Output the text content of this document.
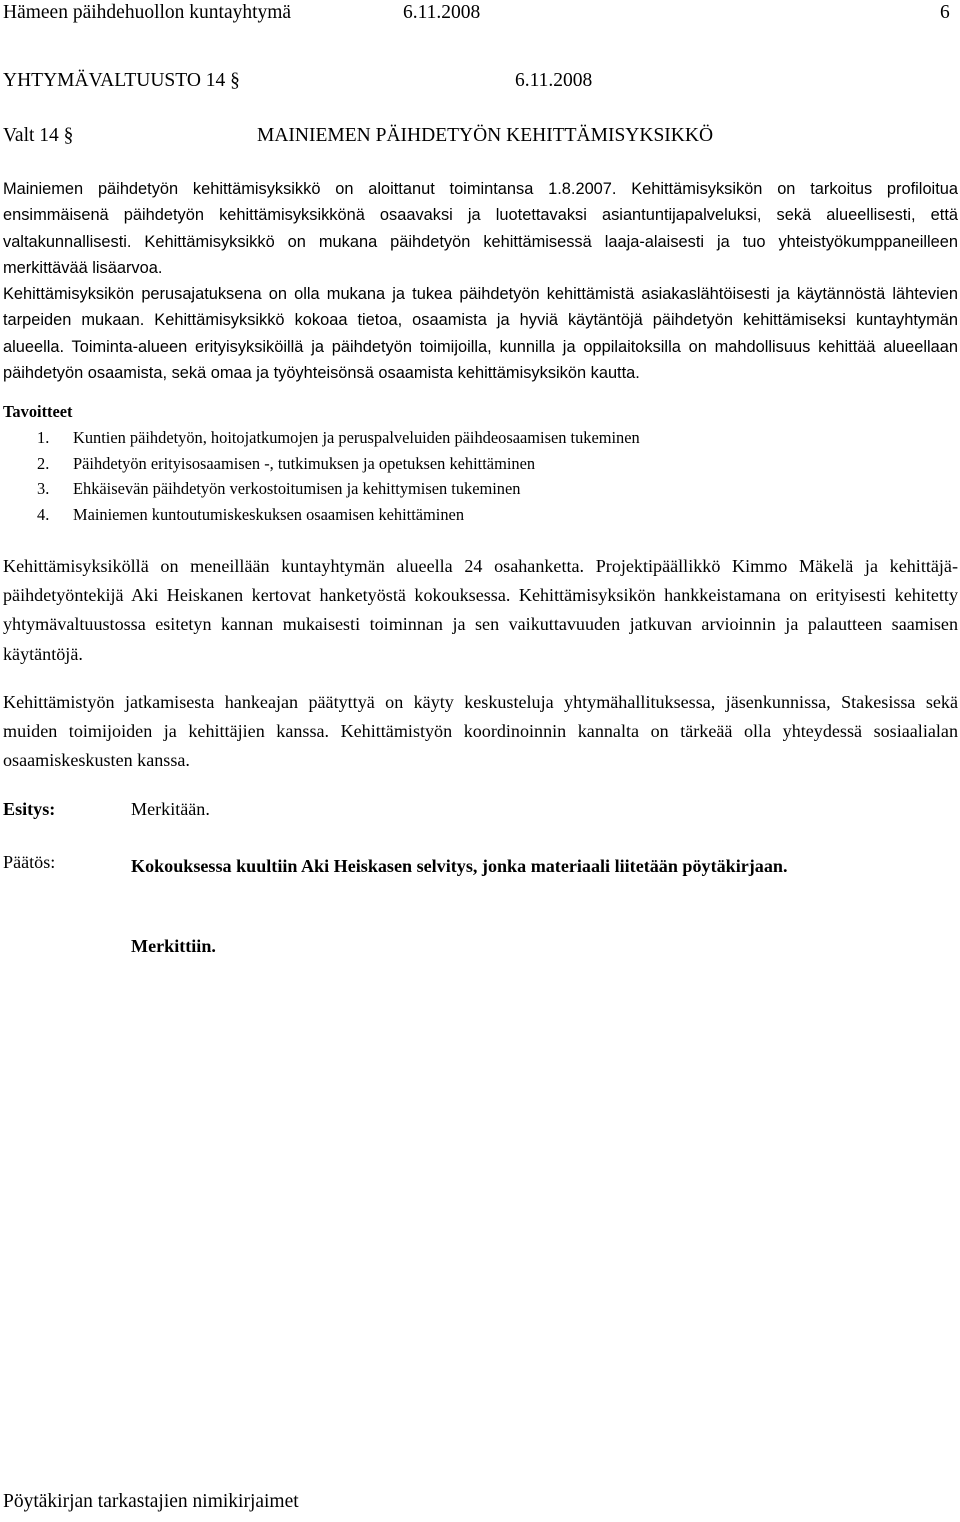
Hämeen päihdehuollon kuntayhtymä	6.11.2008	6
YHTYMÄVALTUUSTO 14 §	6.11.2008
Valt 14 §	MAINIEMEN PÄIHDETYÖN KEHITTÄMISYKSIKKÖ

Mainiemen päihdetyön kehittämisyksikkö on aloittanut toimintansa 1.8.2007. Kehittämisyksikön on tarkoitus profiloitua ensimmäisenä päihdetyön kehittämisyksikkönä osaavaksi ja luotettavaksi asiantuntijapalveluksi, sekä alueellisesti, että valtakunnallisesti. Kehittämisyksikkö on mukana päihdetyön kehittämisessä laaja-alaisesti ja tuo yhteistyökumppaneilleen merkittävää lisäarvoa.

Kehittämisyksikön perusajatuksena on olla mukana ja tukea päihdetyön kehittämistä asiakaslähtöisesti ja käytännöstä lähtevien tarpeiden mukaan. Kehittämisyksikkö kokoaa tietoa, osaamista ja hyviä käytäntöjä päihdetyön kehittämiseksi kuntayhtymän alueella. Toiminta-alueen erityisyksiköillä ja päihdetyön toimijoilla, kunnilla ja oppilaitoksilla on mahdollisuus kehittää alueellaan päihdetyön osaamista, sekä omaa ja työyhteisönsä osaamista kehittämisyksikön kautta.

Tavoitteet
1. Kuntien päihdetyön, hoitojatkumojen ja peruspalveluiden päihdeosaamisen tukeminen
2. Päihdetyön erityisosaamisen -, tutkimuksen ja opetuksen kehittäminen
3. Ehkäisevän päihdetyön verkostoitumisen ja kehittymisen tukeminen
4. Mainiemen kuntoutumiskeskuksen osaamisen kehittäminen

Kehittämisyksiköllä on meneillään kuntayhtymän alueella 24 osahanketta. Projektipäällikkö Kimmo Mäkelä ja kehittäjä-päihdetyöntekijä Aki Heiskanen kertovat hanketyöstä kokouksessa. Kehittämisyksikön hankkeistamana on erityisesti kehitetty yhtymävaltuustossa esitetyn kannan mukaisesti toiminnan ja sen vaikuttavuuden jatkuvan arvioinnin ja palautteen saamisen käytäntöjä.

Kehittämistyön jatkamisesta hankeajan päätyttyä on käyty keskusteluja yhtymähallituksessa, jäsenkunnissa, Stakesissa sekä muiden toimijoiden ja kehittäjien kanssa. Kehittämistyön koordinoinnin kannalta on tärkeää olla yhteydessä sosiaalialan osaamiskeskusten kanssa.

Esitys:	Merkitään.
Päätös:	Kokouksessa kuultiin Aki Heiskasen selvitys, jonka materiaali liitetään pöytäkirjaan.
Merkittiin.
Pöytäkirjan tarkastajien nimikirjaimet
